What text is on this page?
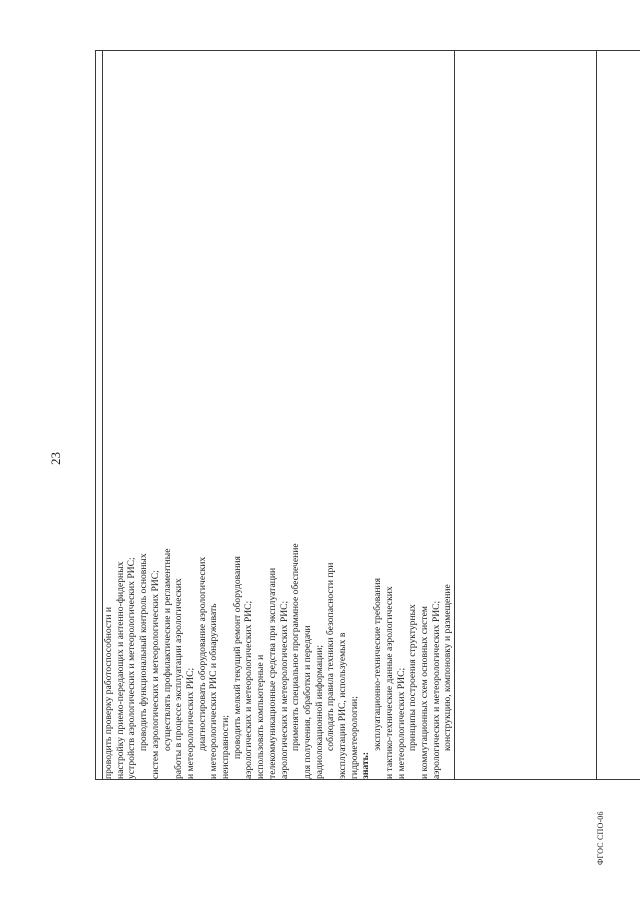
23

проводить проверку работоспособности и настройку приемо-передающих и антенно-фидерных устройств аэрологических и метеорологических РИС; проводить функциональный контроль основных систем аэрологических и метеорологических РИС; осуществлять профилактические и регламентные работы в процессе эксплуатации аэрологических и метеорологических РИС; диагностировать оборудование аэрологических и метеорологических РИС и обнаруживать неисправности; проводить мелкий текущий ремонт оборудования аэрологических и метеорологических РИС; использовать компьютерные и телекоммуникационные средства при эксплуатации аэрологических и метеорологических РИС; применять специальное программное обеспечение для получения, обработки и передачи радиолокационной информации; соблюдать правила техники безопасности при эксплуатации РИС, используемых в гидрометеорологии; знать:
эксплуатационно-технические требования и тактико-технические данные аэрологических и метеорологических РИС; принципы построения структурных и коммутационных схем основных систем аэрологических и метеорологических РИС; конструкцию, компоновку и размещение

ФГОС СПО-06
